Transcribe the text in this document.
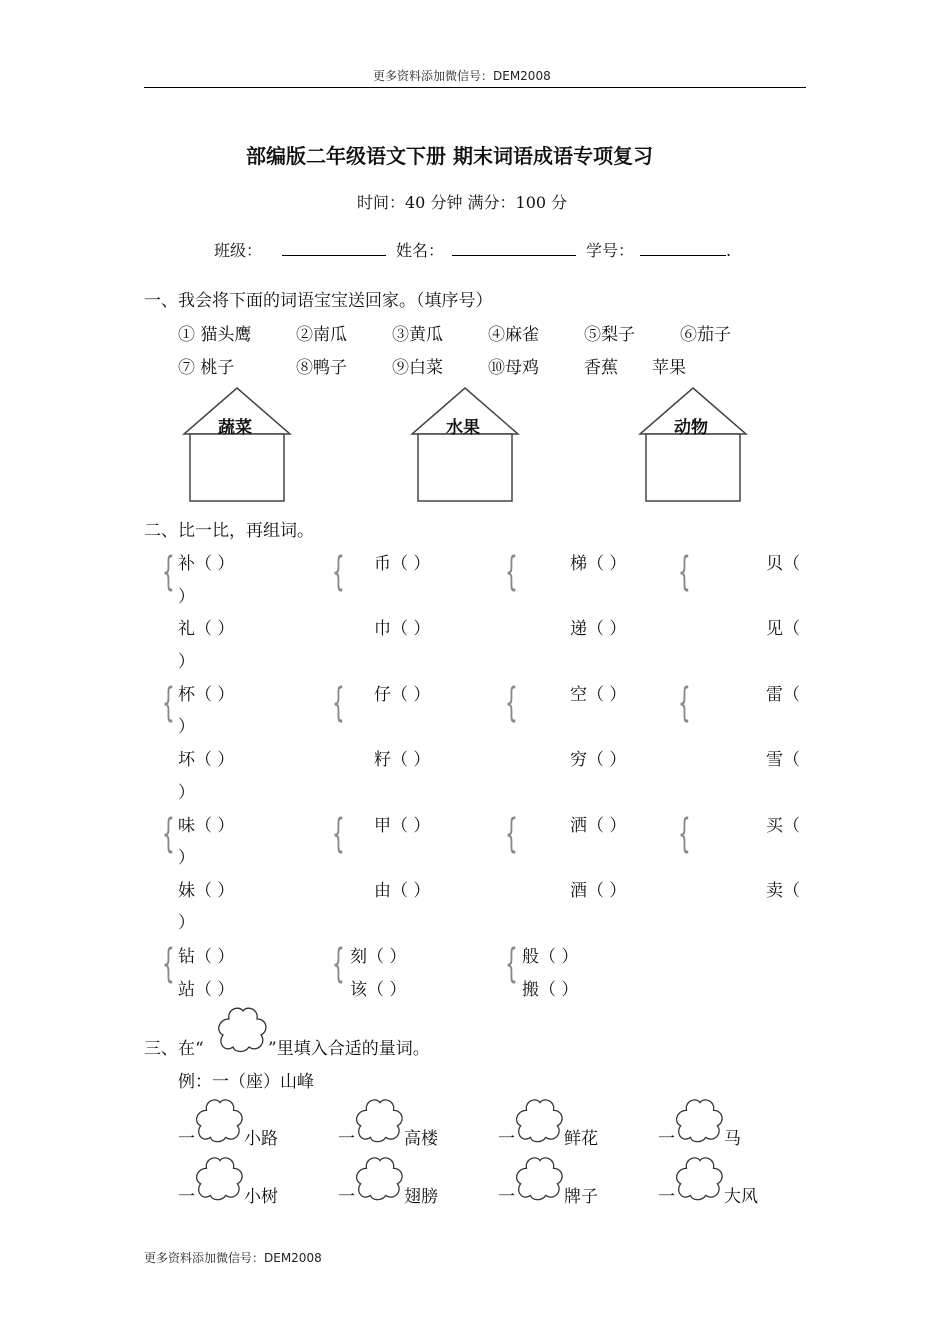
更多资料添加微信号：DEM2008
部编版二年级语文下册 期末词语成语专项复习
时间：40 分钟 满分：100 分
班级：	姓名：	学号：	.
一、我会将下面的词语宝宝送回家。（填序号）
① 猫头鹰	②南瓜	③黄瓜	④麻雀	⑤梨子	⑥茄子
⑦ 桃子	⑧鸭子	⑨白菜	⑩母鸡	香蕉 苹果
蔬菜	水果	动物
二、比一比，再组词。
{	{	{	{
{	{	{	{
{	{	{	{
{	{	{
补（ ）	币（ ）	梯（ ）	贝（
）
礼（ ）	巾（ ）	递（ ）	见（
）
杯（ ）	仔（ ）	空（ ）	雷（
）
坏（ ）	籽（ ）	穷（ ）	雪（
）
味（ ）	甲（ ）	洒（ ）	买（
）
妹（ ）	由（ ）	酒（ ）	卖（
）
钻（ ）	刻（ ）	般（ ）
站（ ）	该（ ）	搬（ ）
三、在“	”里填入合适的量词。
例：一（座）山峰
一	小路	一	高楼	一	鲜花	一	马
一	小树	一	翅膀	一	牌子	一	大风
更多资料添加微信号：DEM2008
